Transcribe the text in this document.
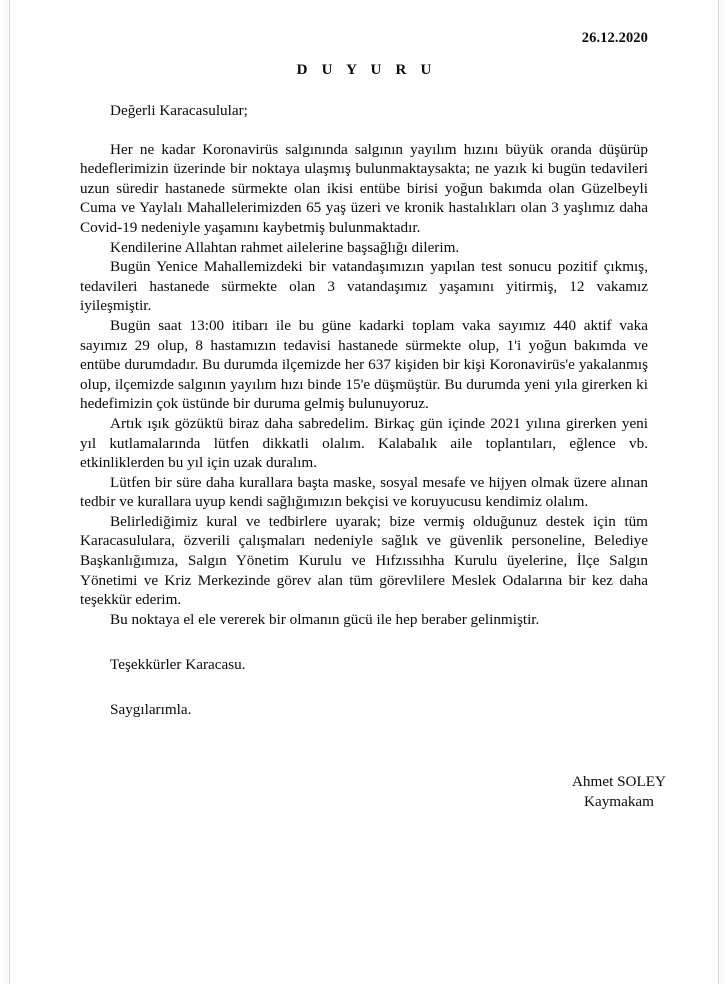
26.12.2020
D U Y U R U

Değerli Karacasulular;

Her ne kadar Koronavirüs salgınında salgının yayılım hızını büyük oranda düşürüp hedeflerimizin üzerinde bir noktaya ulaşmış bulunmaktaysakta; ne yazık ki bugün tedavileri uzun süredir hastanede sürmekte olan ikisi entübe birisi yoğun bakımda olan Güzelbeyli Cuma ve Yaylalı Mahallelerimizden 65 yaş üzeri ve kronik hastalıkları olan 3 yaşlımız daha Covid-19 nedeniyle yaşamını kaybetmiş bulunmaktadır.

Kendilerine Allahtan rahmet ailelerine başsağlığı dilerim.

Bugün Yenice Mahallemizdeki bir vatandaşımızın yapılan test sonucu pozitif çıkmış, tedavileri hastanede sürmekte olan 3 vatandaşımız yaşamını yitirmiş, 12 vakamız iyileşmiştir.

Bugün saat 13:00 itibarı ile bu güne kadarki toplam vaka sayımız 440 aktif vaka sayımız 29 olup, 8 hastamızın tedavisi hastanede sürmekte olup, 1'i yoğun bakımda ve entübe durumdadır. Bu durumda ilçemizde her 637 kişiden bir kişi Koronavirüs'e yakalanmış olup, ilçemizde salgının yayılım hızı binde 15'e düşmüştür. Bu durumda yeni yıla girerken ki hedefimizin çok üstünde bir duruma gelmiş bulunuyoruz.

Artık ışık gözüktü biraz daha sabredelim. Birkaç gün içinde 2021 yılına girerken yeni yıl kutlamalarında lütfen dikkatli olalım. Kalabalık aile toplantıları, eğlence vb. etkinliklerden bu yıl için uzak duralım.

Lütfen bir süre daha kurallara başta maske, sosyal mesafe ve hijyen olmak üzere alınan tedbir ve kurallara uyup kendi sağlığımızın bekçisi ve koruyucusu kendimiz olalım.

Belirlediğimiz kural ve tedbirlere uyarak; bize vermiş olduğunuz destek için tüm Karacasululara, özverili çalışmaları nedeniyle sağlık ve güvenlik personeline, Belediye Başkanlığımıza, Salgın Yönetim Kurulu ve Hıfzıssıhha Kurulu üyelerine, İlçe Salgın Yönetimi ve Kriz Merkezinde görev alan tüm görevlilere Meslek Odalarına bir kez daha teşekkür ederim.

Bu noktaya el ele vererek bir olmanın gücü ile hep beraber gelinmiştir.

Teşekkürler Karacasu.

Saygılarımla.

Ahmet SOLEY
Kaymakam
